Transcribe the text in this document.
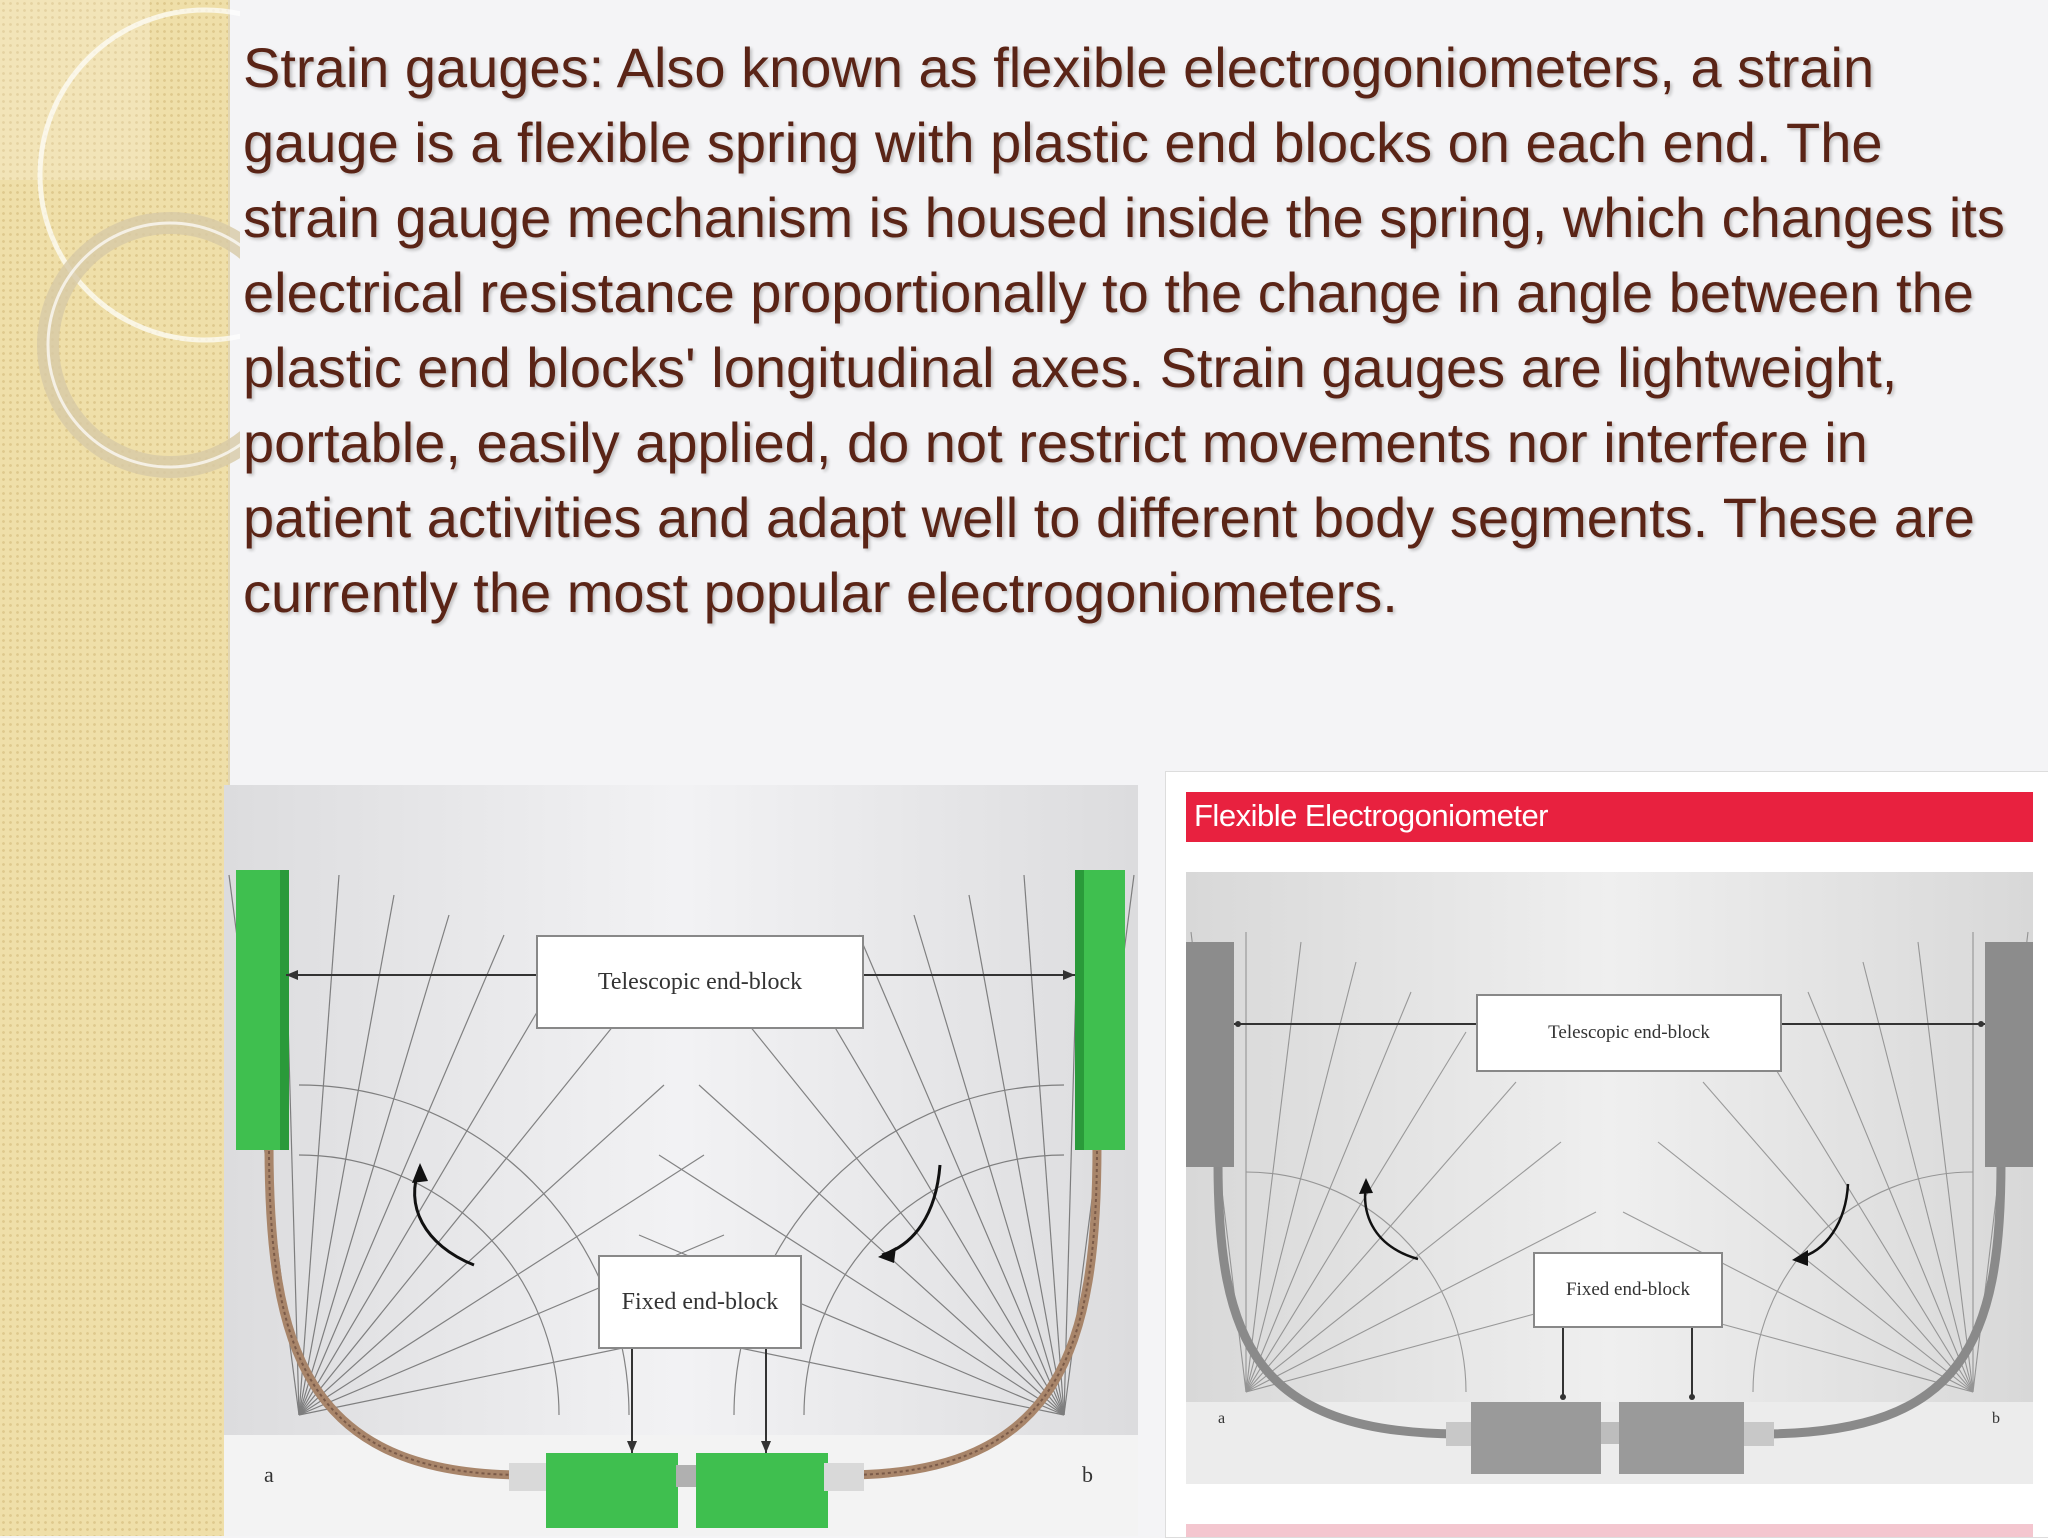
Strain gauges: Also known as flexible electrogoniometers, a strain gauge is a flexible spring with plastic end blocks on each end. The strain gauge mechanism is housed inside the spring, which changes its electrical resistance proportionally to the change in angle between the plastic end blocks' longitudinal axes. Strain gauges are lightweight, portable, easily applied, do not restrict movements nor interfere in patient activities and adapt well to different body segments. These are currently the most popular electrogoniometers.

Telescopic end-block
Fixed end-block
a	b
Flexible Electrogoniometer
Telescopic end-block
Fixed end-block
a	b
